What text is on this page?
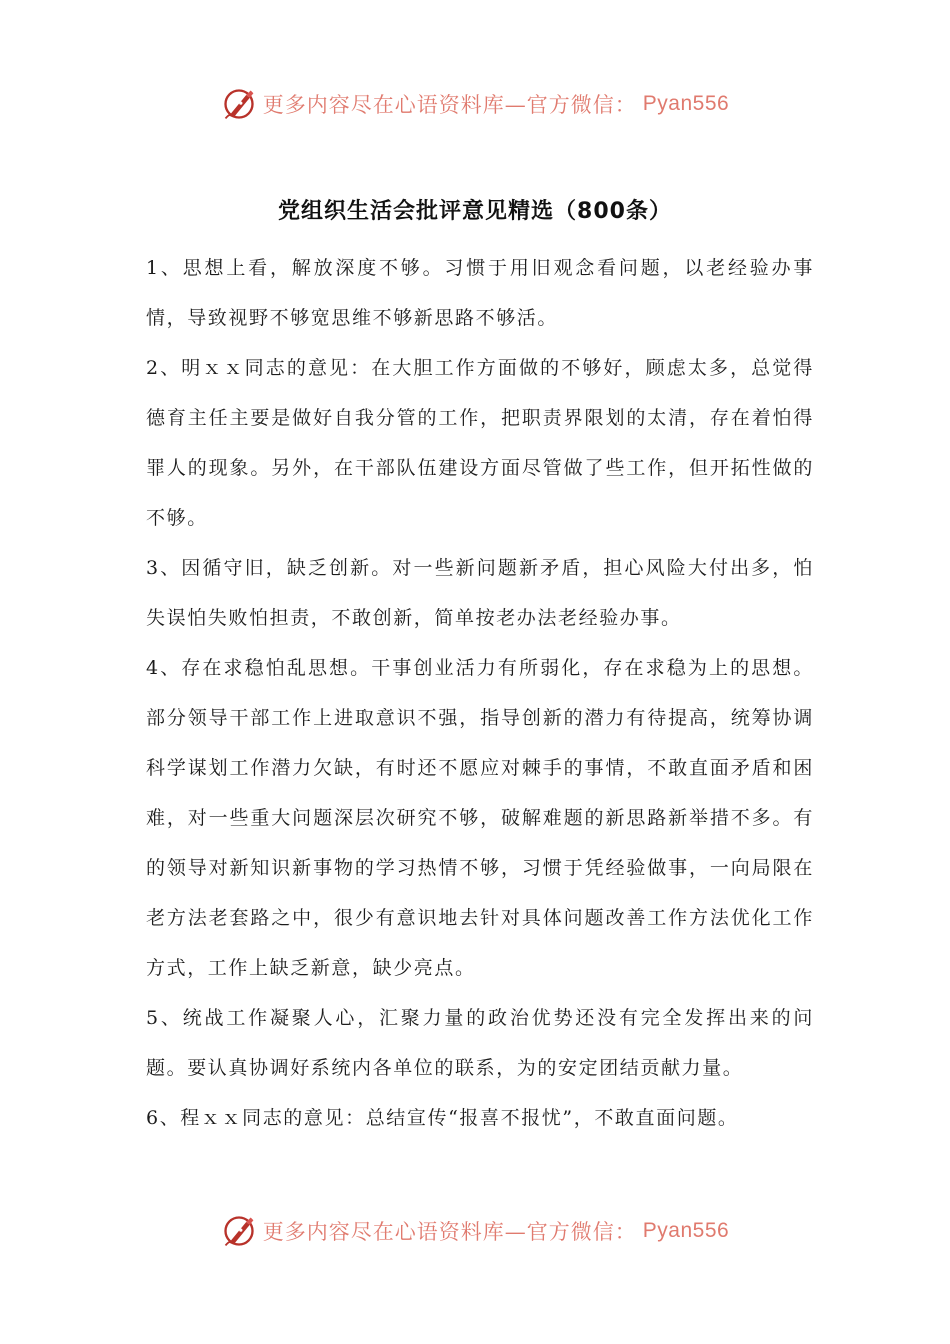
更多内容尽在心语资料库—官方微信： Pyan556
党组织生活会批评意见精选（800条）

1、思想上看，解放深度不够。习惯于用旧观念看问题，以老经验办事情，导致视野不够宽思维不够新思路不够活。

2、明ｘｘ同志的意见：在大胆工作方面做的不够好，顾虑太多，总觉得德育主任主要是做好自我分管的工作，把职责界限划的太清，存在着怕得罪人的现象。另外，在干部队伍建设方面尽管做了些工作，但开拓性做的不够。

3、因循守旧，缺乏创新。对一些新问题新矛盾，担心风险大付出多，怕失误怕失败怕担责，不敢创新，简单按老办法老经验办事。

4、存在求稳怕乱思想。干事创业活力有所弱化，存在求稳为上的思想。部分领导干部工作上进取意识不强，指导创新的潜力有待提高，统筹协调科学谋划工作潜力欠缺，有时还不愿应对棘手的事情，不敢直面矛盾和困难，对一些重大问题深层次研究不够，破解难题的新思路新举措不多。有的领导对新知识新事物的学习热情不够，习惯于凭经验做事，一向局限在老方法老套路之中，很少有意识地去针对具体问题改善工作方法优化工作方式，工作上缺乏新意，缺少亮点。

5、统战工作凝聚人心，汇聚力量的政治优势还没有完全发挥出来的问题。要认真协调好系统内各单位的联系，为的安定团结贡献力量。

6、程ｘｘ同志的意见：总结宣传“报喜不报忧”，不敢直面问题。

更多内容尽在心语资料库—官方微信： Pyan556
